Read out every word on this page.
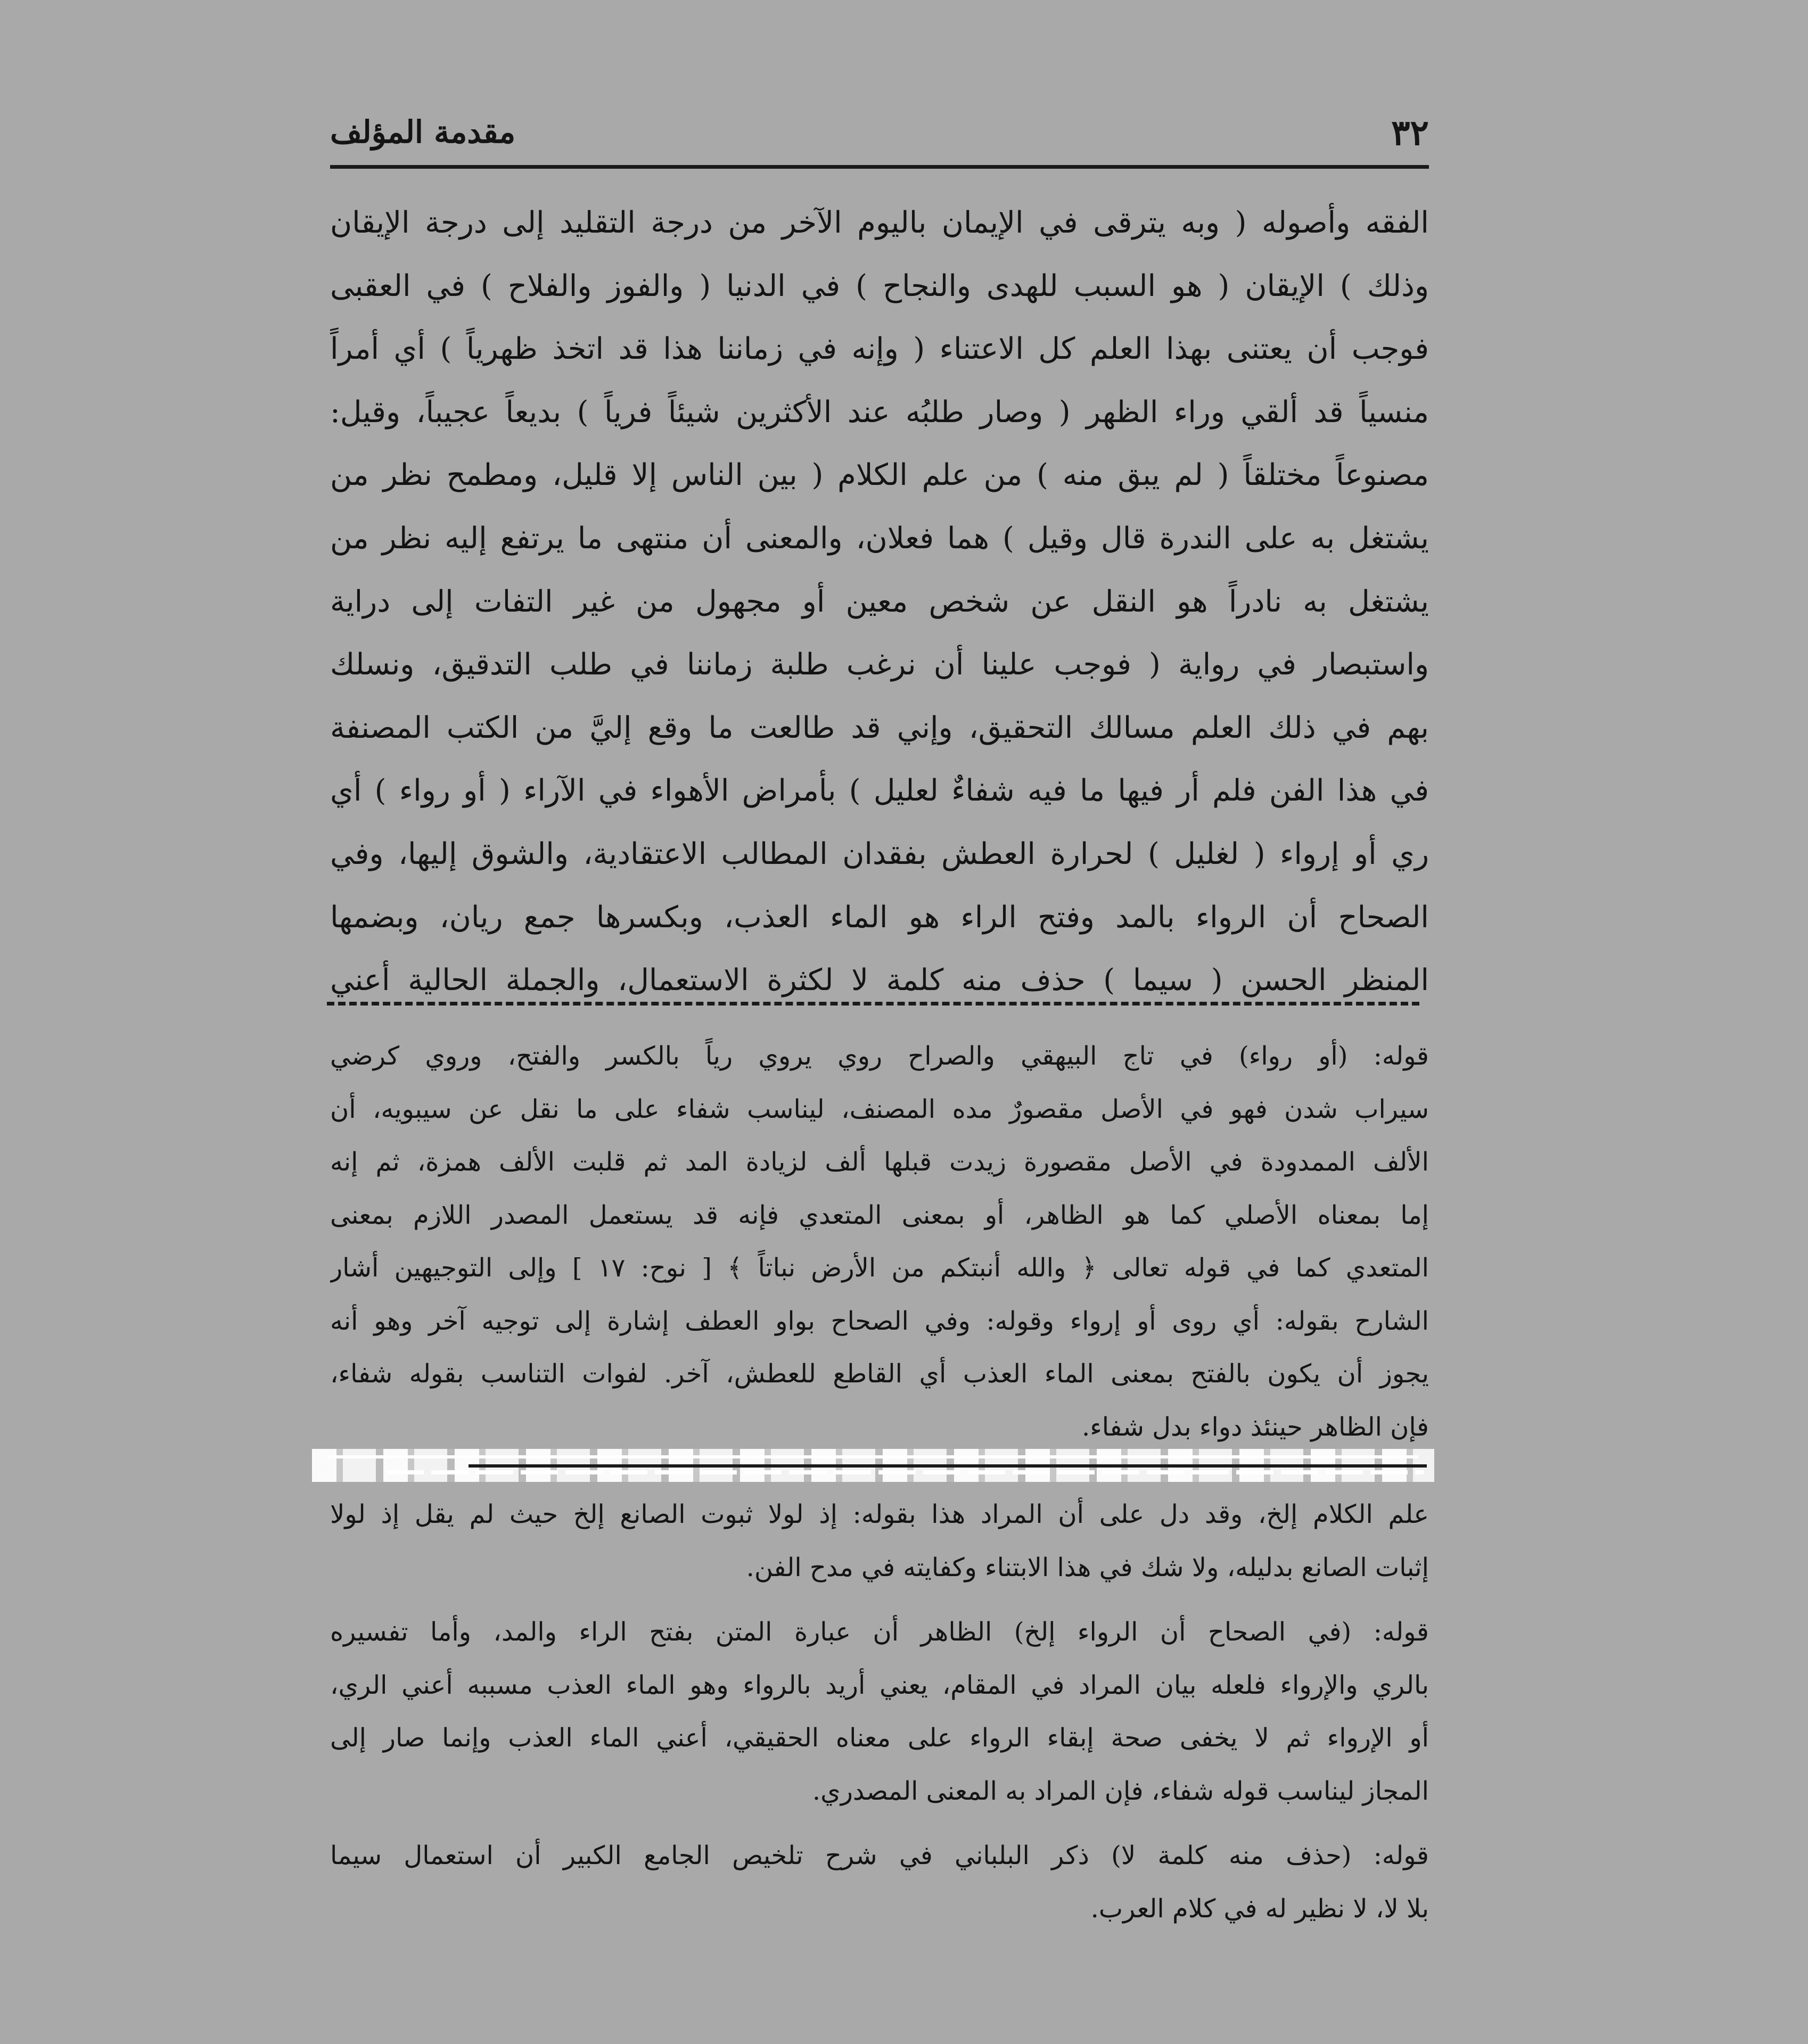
٣٢
مقدمة المؤلف
الفقه وأصوله ( وبه يترقى في الإيمان باليوم الآخر من درجة التقليد إلى درجة الإيقان
وذلك ) الإيقان ( هو السبب للهدى والنجاح ) في الدنيا ( والفوز والفلاح ) في العقبى
فوجب أن يعتنى بهذا العلم كل الاعتناء ( وإنه في زماننا هذا قد اتخذ ظهرياً ) أي أمراً
منسياً قد ألقي وراء الظهر ( وصار طلبُه عند الأكثرين شيئاً فرياً ) بديعاً عجيباً، وقيل:
مصنوعاً مختلقاً ( لم يبق منه ) من علم الكلام ( بين الناس إلا قليل، ومطمح نظر من
يشتغل به على الندرة قال وقيل ) هما فعلان، والمعنى أن منتهى ما يرتفع إليه نظر من
يشتغل به نادراً هو النقل عن شخص معين أو مجهول من غير التفات إلى دراية
واستبصار في رواية ( فوجب علينا أن نرغب طلبة زماننا في طلب التدقيق، ونسلك
بهم في ذلك العلم مسالك التحقيق، وإني قد طالعت ما وقع إليَّ من الكتب المصنفة
في هذا الفن فلم أر فيها ما فيه شفاءٌ لعليل ) بأمراض الأهواء في الآراء ( أو رواء ) أي
ري أو إرواء ( لغليل ) لحرارة العطش بفقدان المطالب الاعتقادية، والشوق إليها، وفي
الصحاح أن الرواء بالمد وفتح الراء هو الماء العذب، وبكسرها جمع ريان، وبضمها
المنظر الحسن ( سيما ) حذف منه كلمة لا لكثرة الاستعمال، والجملة الحالية أعني
قوله: (أو رواء) في تاج البيهقي والصراح روي يروي رياً بالكسر والفتح، وروي كرضي
سيراب شدن فهو في الأصل مقصورٌ مده المصنف، ليناسب شفاء على ما نقل عن سيبويه، أن
الألف الممدودة في الأصل مقصورة زيدت قبلها ألف لزيادة المد ثم قلبت الألف همزة، ثم إنه
إما بمعناه الأصلي كما هو الظاهر، أو بمعنى المتعدي فإنه قد يستعمل المصدر اللازم بمعنى
المتعدي كما في قوله تعالى ﴿ والله أنبتكم من الأرض نباتاً ﴾ [ نوح: ١٧ ] وإلى التوجيهين أشار
الشارح بقوله: أي روى أو إرواء وقوله: وفي الصحاح بواو العطف إشارة إلى توجيه آخر وهو أنه
يجوز أن يكون بالفتح بمعنى الماء العذب أي القاطع للعطش، آخر. لفوات التناسب بقوله شفاء،
فإن الظاهر حينئذ دواء بدل شفاء.
علم الكلام إلخ، وقد دل على أن المراد هذا بقوله: إذ لولا ثبوت الصانع إلخ حيث لم يقل إذ لولا
إثبات الصانع بدليله، ولا شك في هذا الابتناء وكفايته في مدح الفن.
قوله: (في الصحاح أن الرواء إلخ) الظاهر أن عبارة المتن بفتح الراء والمد، وأما تفسيره
بالري والإرواء فلعله بيان المراد في المقام، يعني أريد بالرواء وهو الماء العذب مسببه أعني الري،
أو الإرواء ثم لا يخفى صحة إبقاء الرواء على معناه الحقيقي، أعني الماء العذب وإنما صار إلى
المجاز ليناسب قوله شفاء، فإن المراد به المعنى المصدري.
قوله: (حذف منه كلمة لا) ذكر البلباني في شرح تلخيص الجامع الكبير أن استعمال سيما
بلا لا، لا نظير له في كلام العرب.
